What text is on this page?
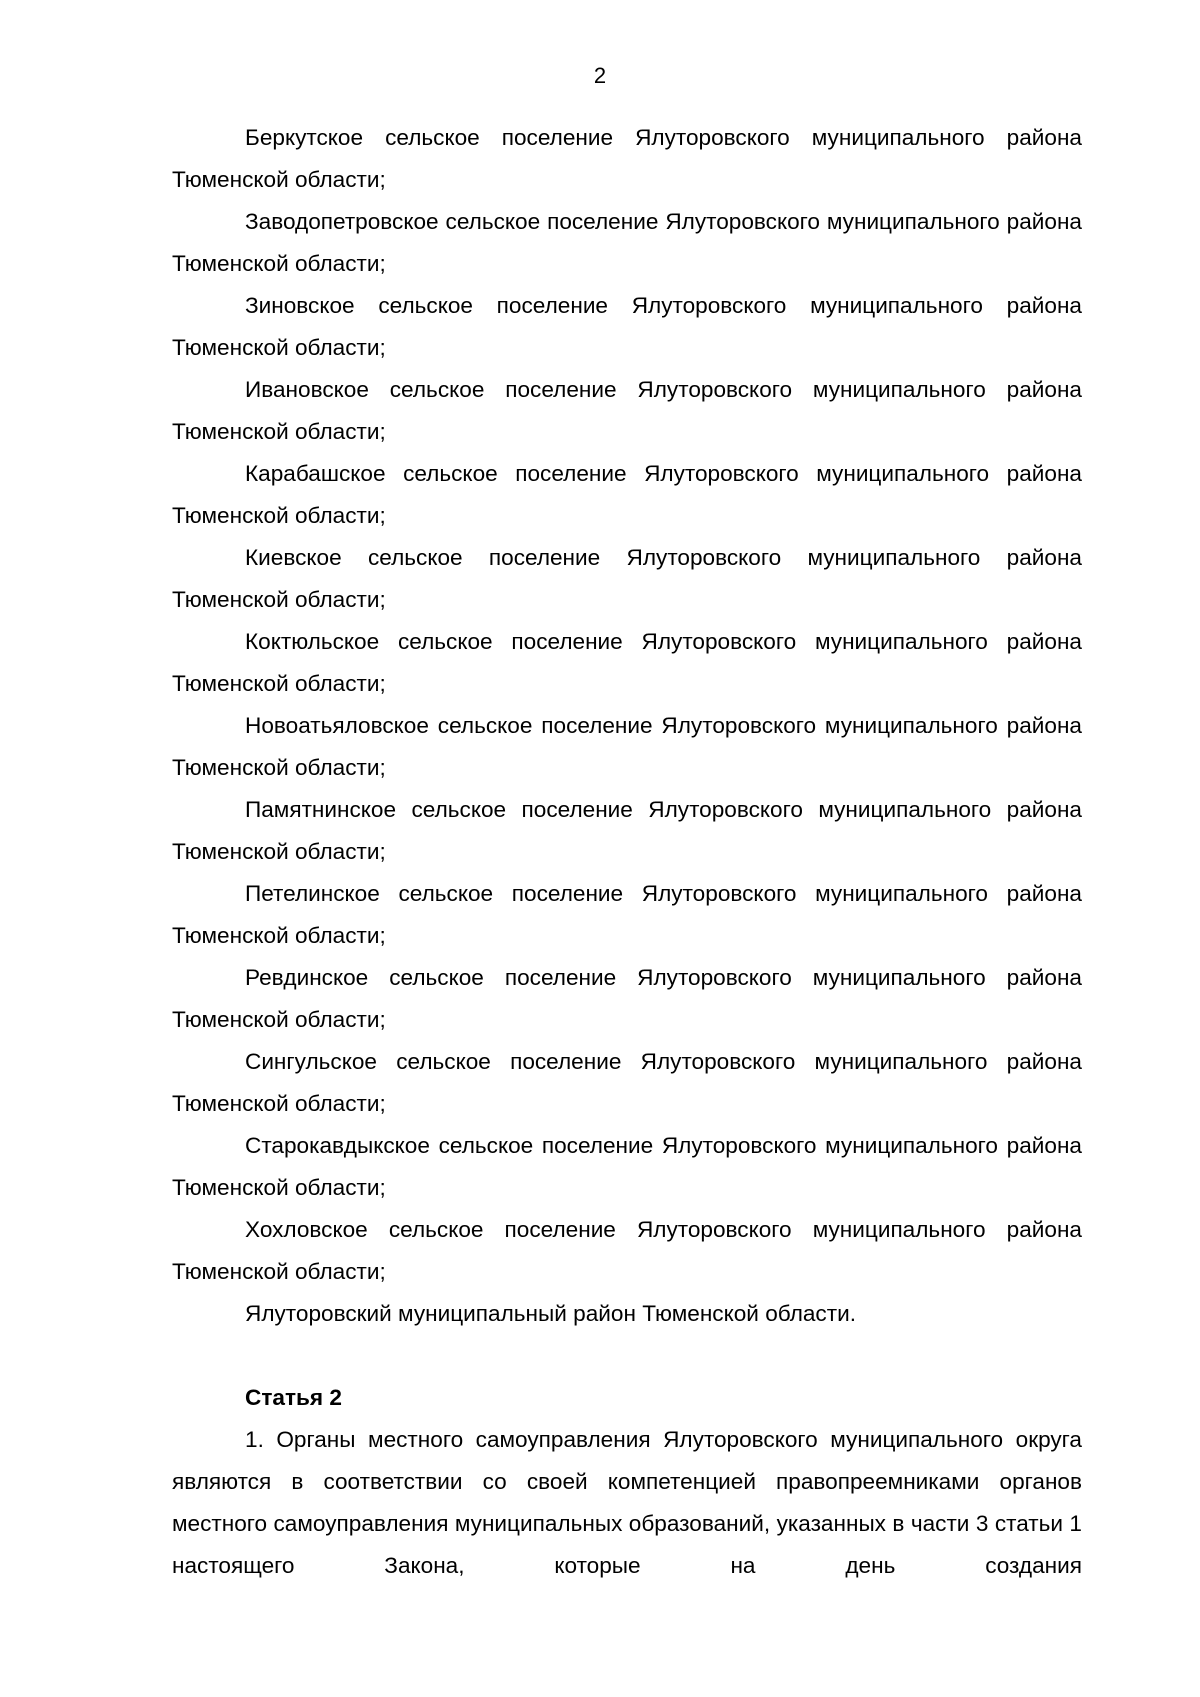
2

Беркутское сельское поселение Ялуторовского муниципального района Тюменской области;

Заводопетровское сельское поселение Ялуторовского муниципального района Тюменской области;

Зиновское сельское поселение Ялуторовского муниципального района Тюменской области;

Ивановское сельское поселение Ялуторовского муниципального района Тюменской области;

Карабашское сельское поселение Ялуторовского муниципального района Тюменской области;

Киевское сельское поселение Ялуторовского муниципального района Тюменской области;

Коктюльское сельское поселение Ялуторовского муниципального района Тюменской области;

Новоатьяловское сельское поселение Ялуторовского муниципального района Тюменской области;

Памятнинское сельское поселение Ялуторовского муниципального района Тюменской области;

Петелинское сельское поселение Ялуторовского муниципального района Тюменской области;

Ревдинское сельское поселение Ялуторовского муниципального района Тюменской области;

Сингульское сельское поселение Ялуторовского муниципального района Тюменской области;

Старокавдыкское сельское поселение Ялуторовского муниципального района Тюменской области;

Хохловское сельское поселение Ялуторовского муниципального района Тюменской области;

Ялуторовский муниципальный район Тюменской области.

Статья 2

1. Органы местного самоуправления Ялуторовского муниципального округа являются в соответствии со своей компетенцией правопреемниками органов местного самоуправления муниципальных образований, указанных в части 3 статьи 1 настоящего Закона, которые на день создания
